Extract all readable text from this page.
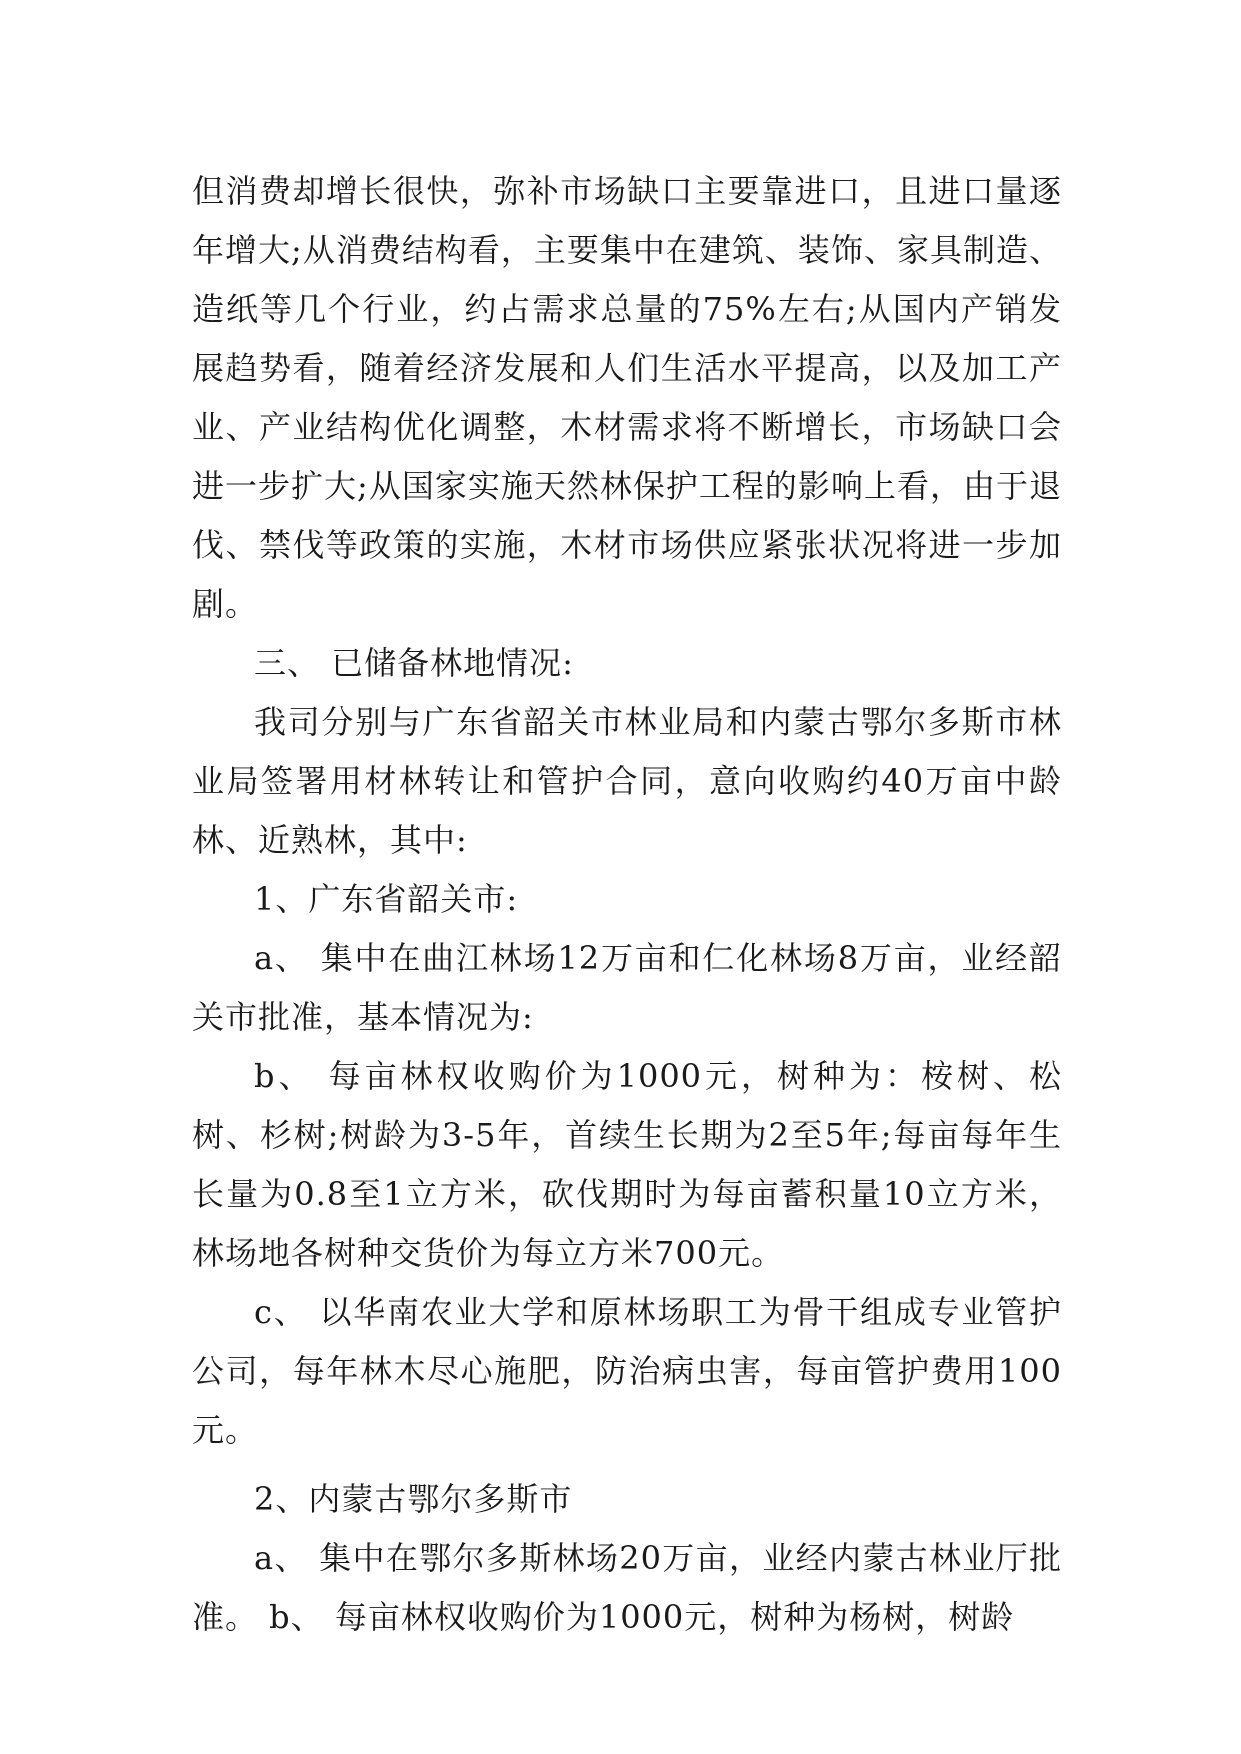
但消费却增长很快，弥补市场缺口主要靠进口，且进口量逐年增大;从消费结构看，主要集中在建筑、装饰、家具制造、造纸等几个行业，约占需求总量的75%左右;从国内产销发展趋势看，随着经济发展和人们生活水平提高，以及加工产业、产业结构优化调整，木材需求将不断增长，市场缺口会进一步扩大;从国家实施天然林保护工程的影响上看，由于退伐、禁伐等政策的实施，木材市场供应紧张状况将进一步加剧。

三、 已储备林地情况:

我司分别与广东省韶关市林业局和内蒙古鄂尔多斯市林业局签署用材林转让和管护合同，意向收购约40万亩中龄林、近熟林，其中:

1、广东省韶关市:

a、 集中在曲江林场12万亩和仁化林场8万亩，业经韶关市批准，基本情况为:

b、 每亩林权收购价为1000元，树种为：桉树、松树、杉树;树龄为3-5年，首续生长期为2至5年;每亩每年生长量为0.8至1立方米，砍伐期时为每亩蓄积量10立方米，林场地各树种交货价为每立方米700元。

c、 以华南农业大学和原林场职工为骨干组成专业管护公司，每年林木尽心施肥，防治病虫害，每亩管护费用100元。

2、内蒙古鄂尔多斯市

a、 集中在鄂尔多斯林场20万亩，业经内蒙古林业厅批准。 b、 每亩林权收购价为1000元，树种为杨树，树龄
